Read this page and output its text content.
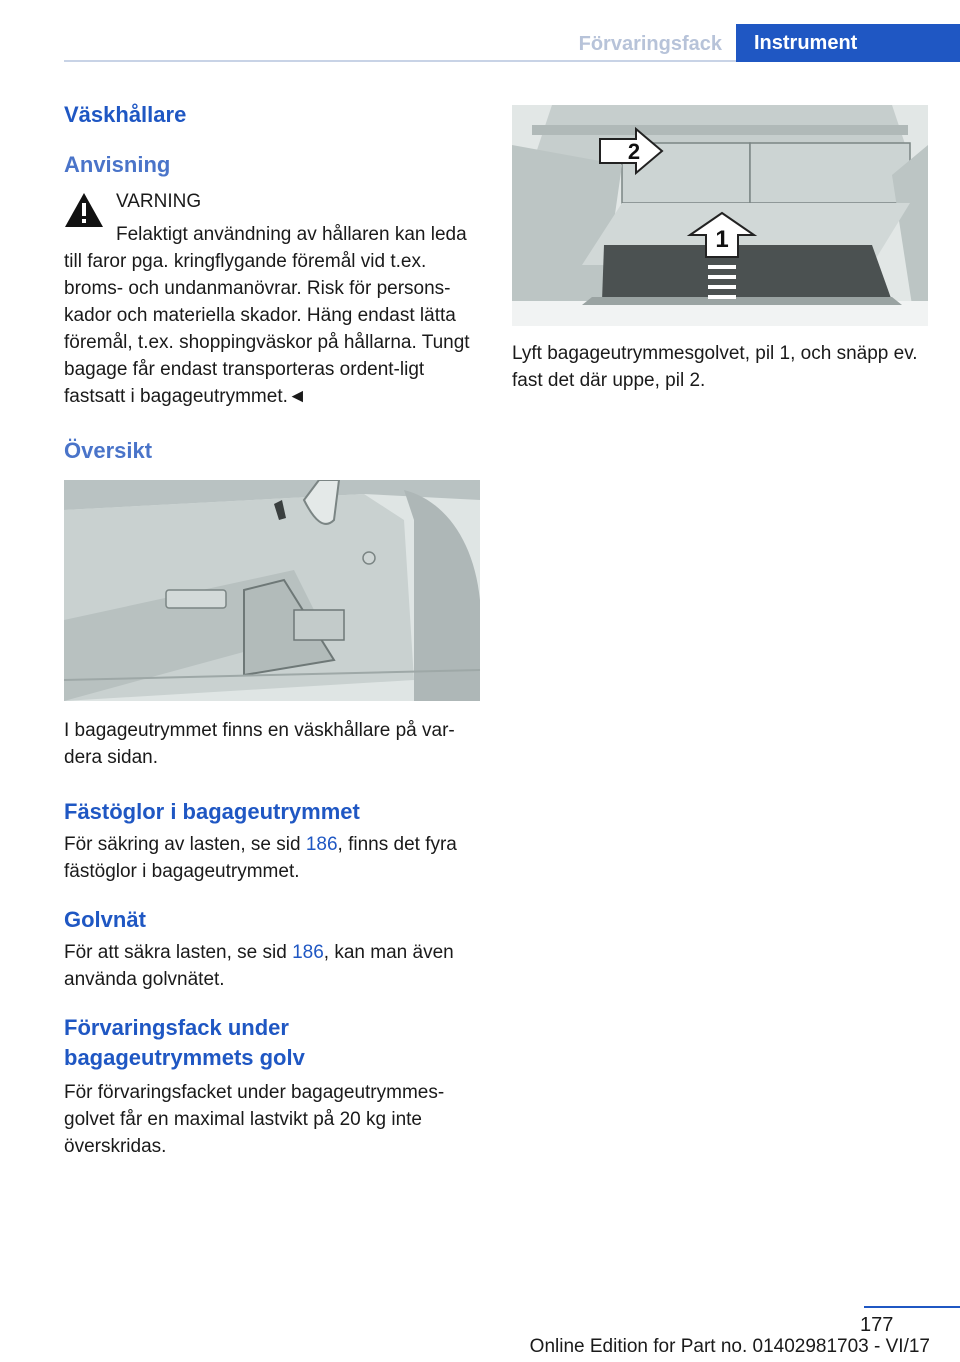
Förvaringsfack	Instrument
Väskhållare
Anvisning
VARNING

Felaktigt användning av hållaren kan leda till faror pga. kringflygande föremål vid t.ex. broms- och undanmanövrar. Risk för persons-kador och materiella skador. Häng endast lätta föremål, t.ex. shoppingväskor på hållarna. Tungt bagage får endast transporteras ordent-ligt fastsatt i bagageutrymmet.◄

Översikt

I bagageutrymmet finns en väskhållare på var-dera sidan.

Fästöglor i bagageutrymmet

För säkring av lasten, se sid 186, finns det fyra fästöglor i bagageutrymmet.

Golvnät

För att säkra lasten, se sid 186, kan man även använda golvnätet.

Förvaringsfack under
bagageutrymmets golv

För förvaringsfacket under bagageutrymmes-golvet får en maximal lastvikt på 20 kg inte överskridas.

1
2

Lyft bagageutrymmesgolvet, pil 1, och snäpp ev. fast det där uppe, pil 2.

177
Online Edition for Part no. 01402981703 - VI/17
